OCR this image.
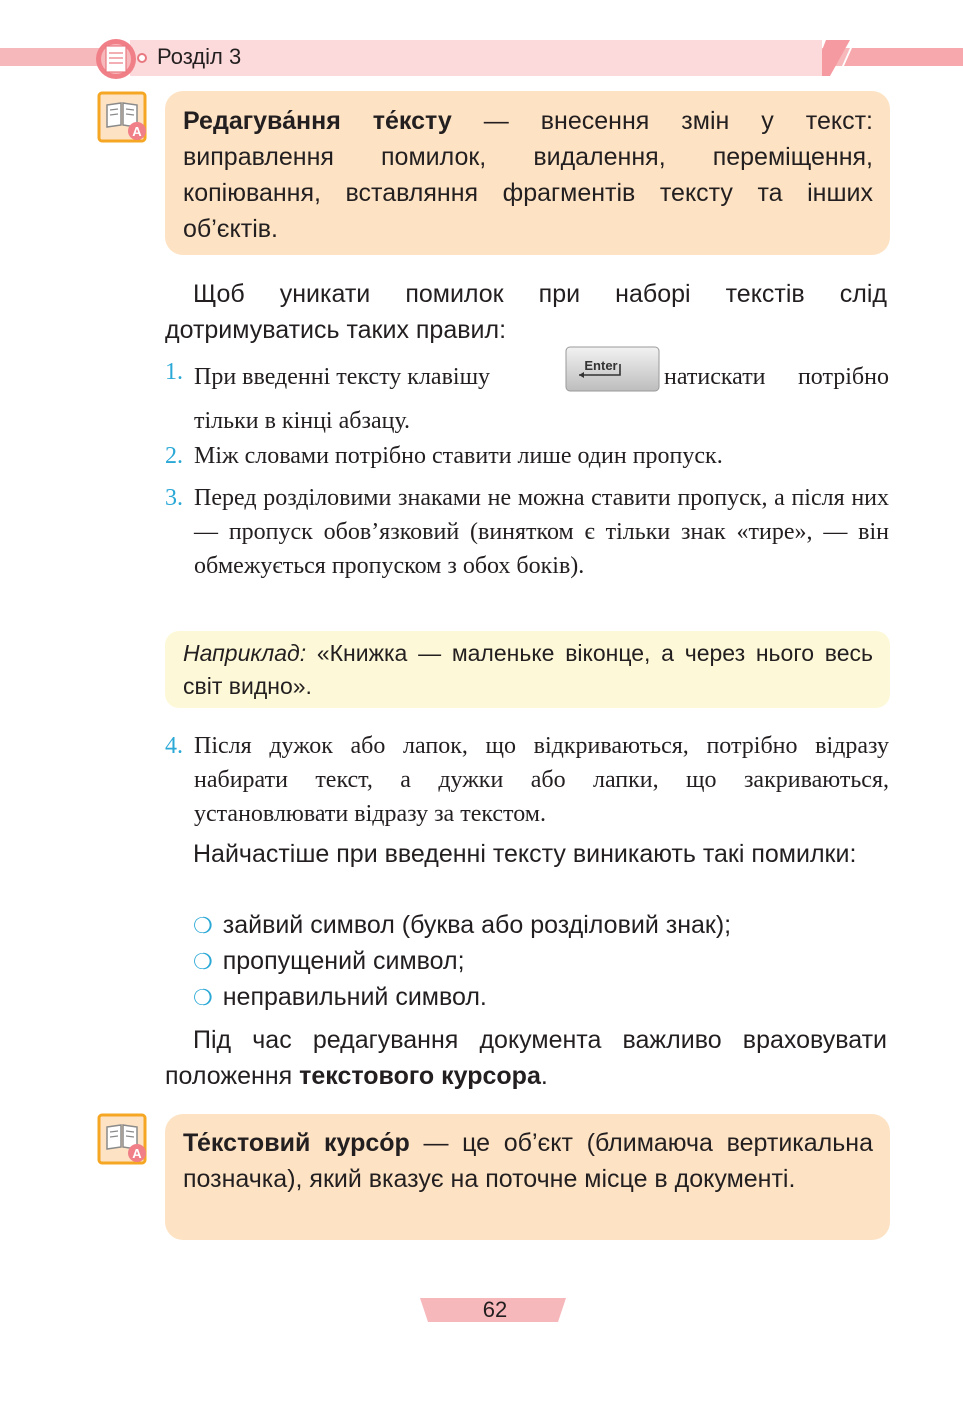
Розділ 3
A Редагува́ння те́ксту — внесення змін у текст: виправлення помилок, видалення, переміщення, копіювання, вставляння фрагментів тексту та інших об’єктів.

Щоб уникати помилок при наборі текстів слід дотримуватись таких правил:

1. При введенні тексту клавішу	натискати потрібно тільки в кінці абзацу.
Enter
2. Між словами потрібно ставити лише один пропуск.
3. Перед розділовими знаками не можна ставити пропуск, а після них — пропуск обов’язковий (винятком є тільки знак «тире», — він обмежується пропуском з обох боків).

Наприклад: «Книжка — маленьке віконце, а через нього весь світ видно».

4. Після дужок або лапок, що відкриваються, потрібно відразу набирати текст, а дужки або лапки, що закриваються, установлювати відразу за текстом.

Найчастіше при введенні тексту виникають такі помилки:

❍ зайвий символ (буква або розділовий знак);
❍ пропущений символ;
❍ неправильний символ.

Під час редагування документа важливо враховувати положення текстового курсора.

A Те́кстовий курсо́р — це об’єкт (блимаюча вертикальна позначка), який вказує на поточне місце в документі.

62
